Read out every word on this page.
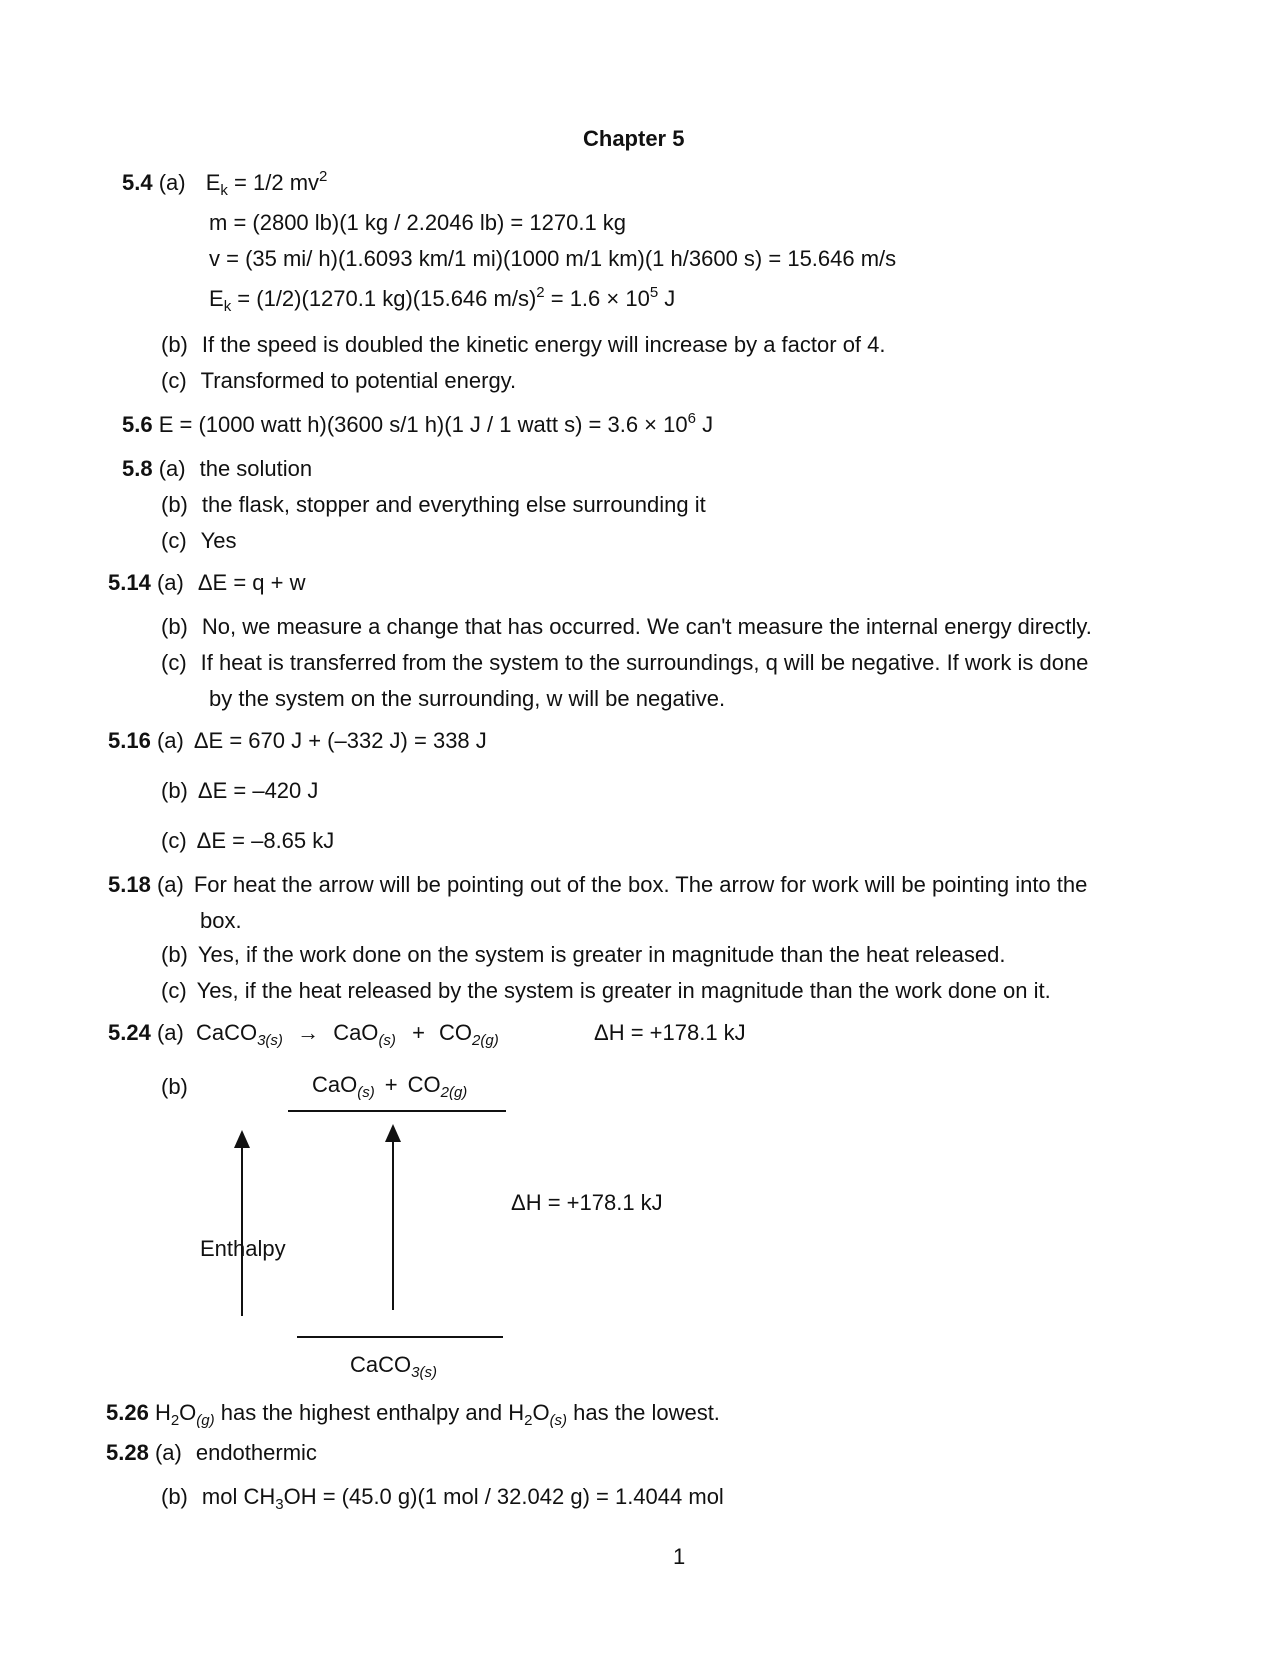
Chapter 5
5.4 (a) $E_k = 1/2$ $mv^2$
m = (2800 lb)(1 kg / 2.2046 lb) = 1270.1 kg
v = (35 mi/ h)(1.6093 km/1 mi)(1000 m/1 km)(1 h/3600 s) = 15.646 m/s
$E_k = (1/2)(1270.1$ kg)(15.646 $m/s)^2 = 1.6 \times 10^5$ J
(b) If the speed is doubled the kinetic energy will increase by a factor of 4.
(c) Transformed to potential energy.
5.6 E = (1000 watt h)(3600 s/1 h)(1 J / 1 watt $s) = 3.6 \times 10^6$ J
5.8 (a) the solution
(b) the flask, stopper and everything else surrounding it
(c) Yes
5.14 (a) ΔE = q + w
(b) No, we measure a change that has occurred. We can't measure the internal energy directly.
(c) If heat is transferred from the system to the surroundings, q will be negative. If work is done
by the system on the surrounding, w will be negative.
5.16 (a) ΔE = 670 J + (–332 J) = 338 J
(b) ΔE = –420 J
(c) ΔE = –8.65 kJ
5.18 (a) For heat the arrow will be pointing out of the box. The arrow for work will be pointing into the
box.
(b) Yes, if the work done on the system is greater in magnitude than the heat released.
(c) Yes, if the heat released by the system is greater in magnitude than the work done on it.
5.24 (a) CaCO$_{3(s)}$ → $CaO_{(s)} + CO_{2(g)}$	ΔH = +178.1 kJ
(b)	$CaO_{(s)} + CO_{2(g)}$
ΔH = +178.1 kJ
Enthalpy
CaCO$_{3(s)}$
5.26 $H_2O_{(g)}$ has the highest enthalpy and $H_2O_{(s)}$ has the lowest.
5.28 (a) endothermic
(b) mol $CH_3OH = (45.0$ g)(1 mol / 32.042 g) = 1.4044 mol
1
